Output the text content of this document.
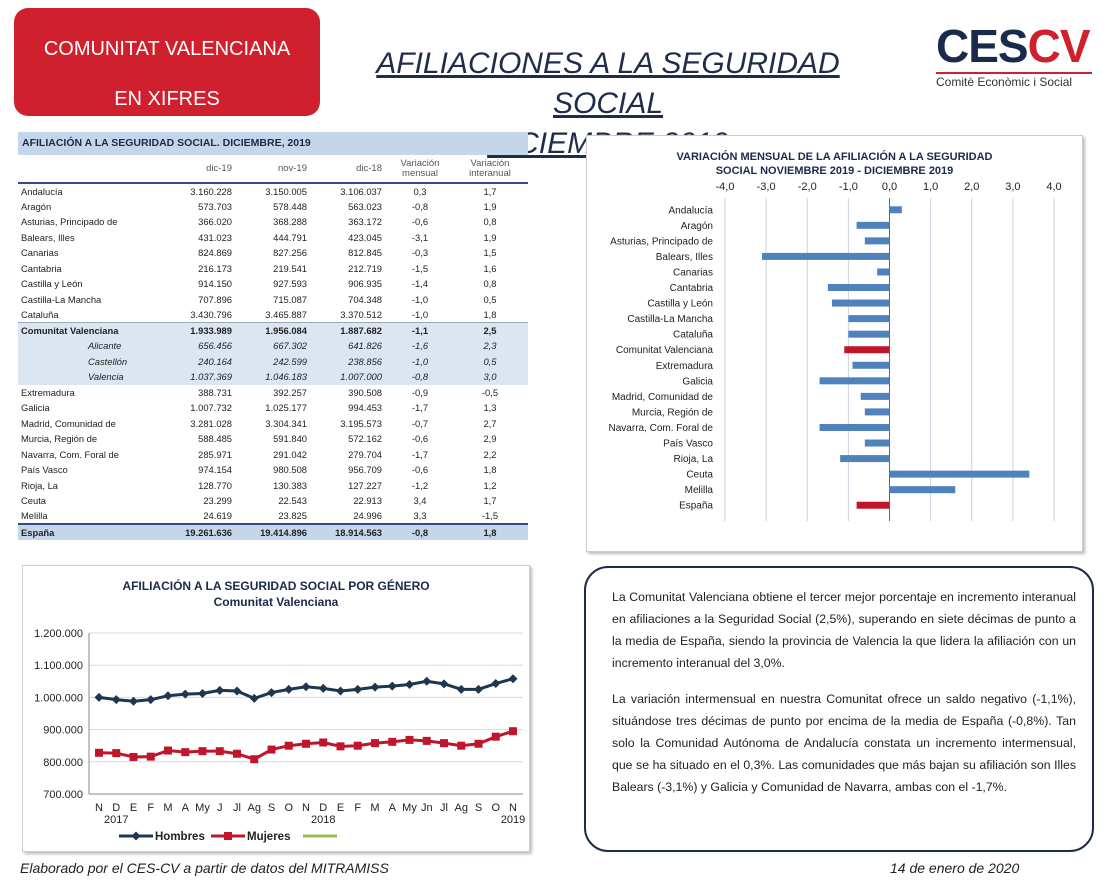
COMUNITAT VALENCIANA
EN XIFRES
AFILIACIONES A LA SEGURIDAD SOCIAL
DICIEMBRE
CESCV
Comitè Econòmic i Social
AFILIACIÓN A LA SEGURIDAD SOCIAL. DICIEMBRE, 2019
	dic-19	nov-19	dic-18	Variación mensual	Variación interanual
Andalucía	3.160.228	3.150.005	3.106.037	0,3	1,7
Aragón	573.703	578.448	563.023	-0,8	1,9
Asturias, Principado de	366.020	368.288	363.172	-0,6	0,8
Balears, Illes	431.023	444.791	423.045	-3,1	1,9
Canarias	824.869	827.256	812.845	-0,3	1,5
Cantabria	216.173	219.541	212.719	-1,5	1,6
Castilla y León	914.150	927.593	906.935	-1,4	0,8
Castilla-La Mancha	707.896	715.087	704.348	-1,0	0,5
Cataluña	3.430.796	3.465.887	3.370.512	-1,0	1,8
Comunitat Valenciana	1.933.989	1.956.084	1.887.682	-1,1	2,5
Alicante	656.456	667.302	641.826	-1,6	2,3
Castellón	240.164	242.599	238.856	-1,0	0,5
Valencia	1.037.369	1.046.183	1.007.000	-0,8	3,0
Extremadura	388.731	392.257	390.508	-0,9	-0,5
Galicia	1.007.732	1.025.177	994.453	-1,7	1,3
Madrid, Comunidad de	3.281.028	3.304.341	3.195.573	-0,7	2,7
Murcia, Región de	588.485	591.840	572.162	-0,6	2,9
Navarra, Com. Foral de	285.971	291.042	279.704	-1,7	2,2
País Vasco	974.154	980.508	956.709	-0,6	1,8
Rioja, La	128.770	130.383	127.227	-1,2	1,2
Ceuta	23.299	22.543	22.913	3,4	1,7
Melilla	24.619	23.825	24.996	3,3	-1,5
España	19.261.636	19.414.896	18.914.563	-0,8	1,8
VARIACIÓN MENSUAL DE LA AFILIACIÓN A LA SEGURIDAD
SOCIAL NOVIEMBRE 2019 - DICIEMBRE 2019
-4,0 -3,0 -2,0 -1,0 0,0 1,0 2,0 3,0 4,0
Andalucía
Aragón
Asturias, Principado de
Balears, Illes
Canarias
Cantabria
Castilla y León
Castilla-La Mancha
Cataluña
Comunitat Valenciana
Extremadura
Galicia
Madrid, Comunidad de
Murcia, Región de
Navarra, Com. Foral de
País Vasco
Rioja, La
Ceuta
Melilla
España
AFILIACIÓN A LA SEGURIDAD SOCIAL POR GÉNERO
Comunitat Valenciana
700.000
800.000
900.000
1.000.000
1.100.000
1.200.000
N D E F M A My J Jl Ag S O N D E F M A My Jn Jl Ag S O N
2017	2018	2019
Hombres	Mujeres

La Comunitat Valenciana obtiene el tercer mejor porcentaje en incremento interanual en afiliaciones a la Seguridad Social (2,5%), superando en siete décimas de punto a la media de España, siendo la provincia de Valencia la que lidera la afiliación con un incremento interanual del 3,0%.

La variación intermensual en nuestra Comunitat ofrece un saldo negativo (-1,1%), situándose tres décimas de punto por encima de la media de España (-0,8%). Tan solo la Comunidad Autónoma de Andalucía constata un incremento intermensual, que se ha situado en el 0,3%. Las comunidades que más bajan su afiliación son Illes Balears (-3,1%) y Galicia y Comunidad de Navarra, ambas con el -1,7%.

Elaborado por el CES-CV a partir de datos del MITRAMISS	14 de enero de 2020
